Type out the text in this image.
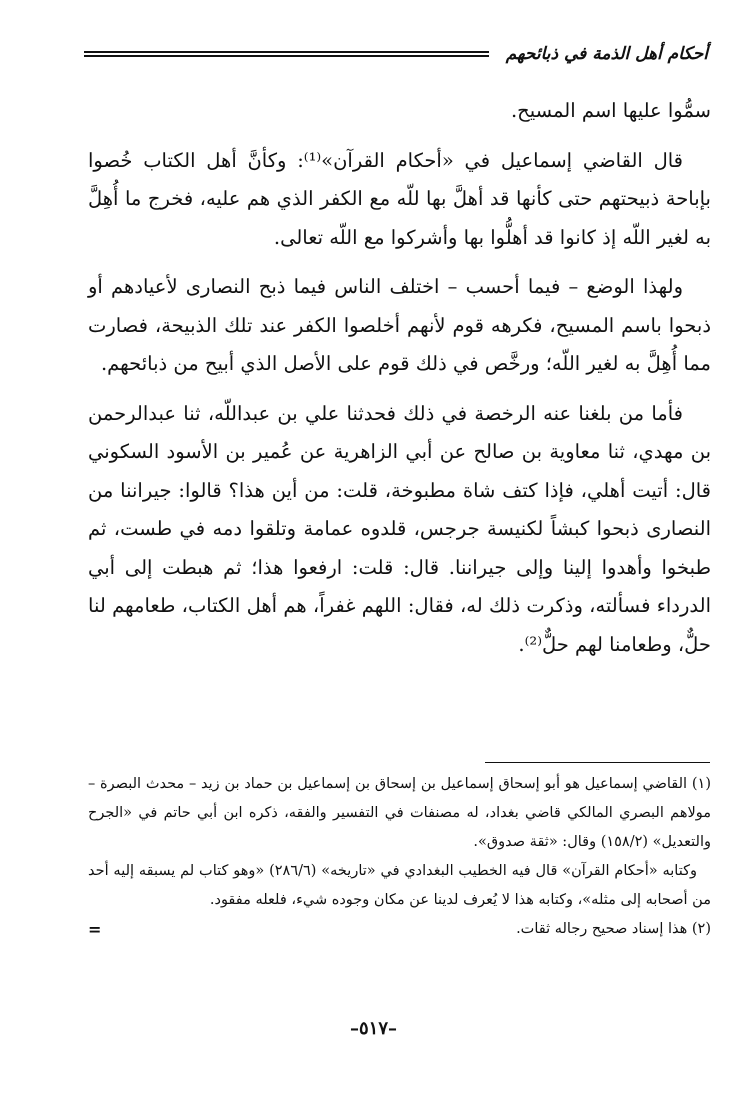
أحكام أهل الذمة في ذبائحهم

سمُّوا عليها اسم المسيح.

قال القاضي إسماعيل في «أحكام القرآن»⁽¹⁾: وكأنَّ أهل الكتاب خُصوا بإباحة ذبيحتهم حتى كأنها قد أهلَّ بها للّه مع الكفر الذي هم عليه، فخرج ما أُهِلَّ به لغير اللّه إذ كانوا قد أهلُّوا بها وأشركوا مع اللّه تعالى.

ولهذا الوضع – فيما أحسب – اختلف الناس فيما ذبح النصارى لأعيادهم أو ذبحوا باسم المسيح، فكرهه قوم لأنهم أخلصوا الكفر عند تلك الذبيحة، فصارت مما أُهِلَّ به لغير اللّه؛ ورخَّص في ذلك قوم على الأصل الذي أبيح من ذبائحهم.

فأما من بلغنا عنه الرخصة في ذلك فحدثنا علي بن عبداللّه، ثنا عبدالرحمن بن مهدي، ثنا معاوية بن صالح عن أبي الزاهرية عن عُمير بن الأسود السكوني قال: أتيت أهلي، فإذا كتف شاة مطبوخة، قلت: من أين هذا؟ قالوا: جيراننا من النصارى ذبحوا كبشاً لكنيسة جرجس، قلدوه عمامة وتلقوا دمه في طست، ثم طبخوا وأهدوا إلينا وإلى جيراننا. قال: قلت: ارفعوا هذا؛ ثم هبطت إلى أبي الدرداء فسألته، وذكرت ذلك له، فقال: اللهم غفراً، هم أهل الكتاب، طعامهم لنا حلٌّ، وطعامنا لهم حلٌّ⁽²⁾.

(١) القاضي إسماعيل هو أبو إسحاق إسماعيل بن إسحاق بن إسماعيل بن حماد بن زيد – محدث البصرة – مولاهم البصري المالكي قاضي بغداد، له مصنفات في التفسير والفقه، ذكره ابن أبي حاتم في «الجرح والتعديل» (١٥٨/٢) وقال: «ثقة صدوق».

وكتابه «أحكام القرآن» قال فيه الخطيب البغدادي في «تاريخه» (٢٨٦/٦) «وهو كتاب لم يسبقه إليه أحد من أصحابه إلى مثله»، وكتابه هذا لا يُعرف لدينا عن مكان وجوده شيء، فلعله مفقود.

(٢) هذا إسناد صحيح رجاله ثقات.
=

–٥١٧–
